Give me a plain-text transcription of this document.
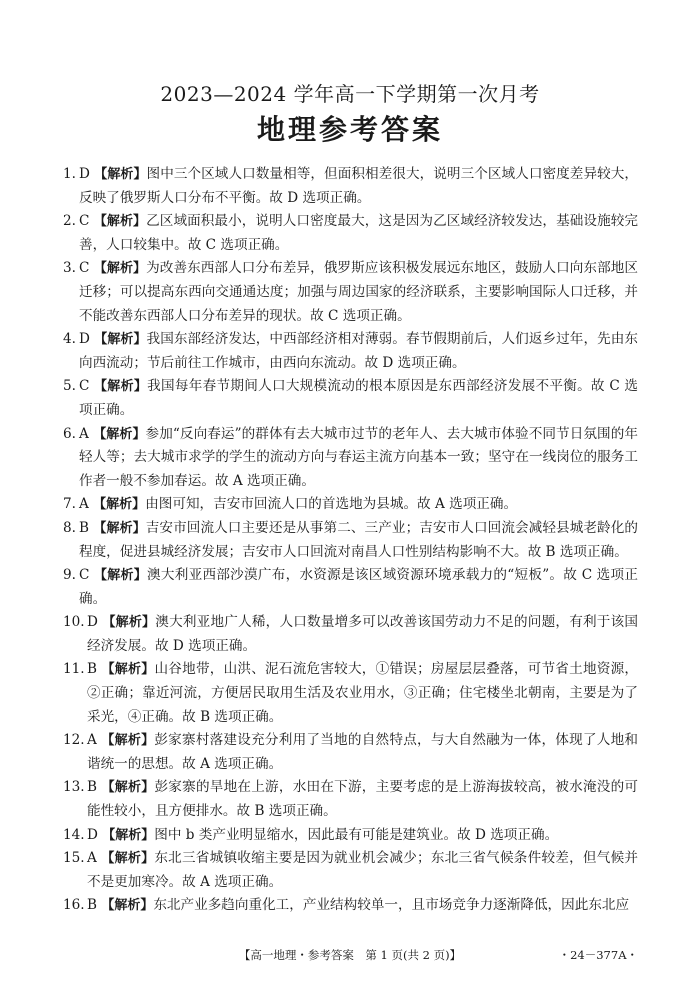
2023—2024 学年高一下学期第一次月考
地理参考答案
1. D 【解析】图中三个区域人口数量相等，但面积相差很大，说明三个区域人口密度差异较大，反映了俄罗斯人口分布不平衡。故 D 选项正确。
2. C 【解析】乙区域面积最小，说明人口密度最大，这是因为乙区域经济较发达，基础设施较完善，人口较集中。故 C 选项正确。
3. C 【解析】为改善东西部人口分布差异，俄罗斯应该积极发展远东地区，鼓励人口向东部地区迁移；可以提高东西向交通通达度；加强与周边国家的经济联系，主要影响国际人口迁移，并不能改善东西部人口分布差异的现状。故 C 选项正确。
4. D 【解析】我国东部经济发达，中西部经济相对薄弱。春节假期前后，人们返乡过年，先由东向西流动；节后前往工作城市，由西向东流动。故 D 选项正确。
5. C 【解析】我国每年春节期间人口大规模流动的根本原因是东西部经济发展不平衡。故 C 选项正确。
6. A 【解析】参加“反向春运”的群体有去大城市过节的老年人、去大城市体验不同节日氛围的年轻人等；去大城市求学的学生的流动方向与春运主流方向基本一致；坚守在一线岗位的服务工作者一般不参加春运。故 A 选项正确。
7. A 【解析】由图可知，吉安市回流人口的首选地为县城。故 A 选项正确。
8. B 【解析】吉安市回流人口主要还是从事第二、三产业；吉安市人口回流会减轻县城老龄化的程度，促进县城经济发展；吉安市人口回流对南昌人口性别结构影响不大。故 B 选项正确。
9. C 【解析】澳大利亚西部沙漠广布，水资源是该区域资源环境承载力的“短板”。故 C 选项正确。
10. D 【解析】澳大利亚地广人稀，人口数量增多可以改善该国劳动力不足的问题，有利于该国经济发展。故 D 选项正确。
11. B 【解析】山谷地带，山洪、泥石流危害较大，①错误；房屋层层叠落，可节省土地资源，②正确；靠近河流，方便居民取用生活及农业用水，③正确；住宅楼坐北朝南，主要是为了采光，④正确。故 B 选项正确。
12. A 【解析】彭家寨村落建设充分利用了当地的自然特点，与大自然融为一体，体现了人地和谐统一的思想。故 A 选项正确。
13. B 【解析】彭家寨的旱地在上游，水田在下游，主要考虑的是上游海拔较高，被水淹没的可能性较小，且方便排水。故 B 选项正确。
14. D 【解析】图中 b 类产业明显缩水，因此最有可能是建筑业。故 D 选项正确。
15. A 【解析】东北三省城镇收缩主要是因为就业机会减少；东北三省气候条件较差，但气候并不是更加寒冷。故 A 选项正确。
16. B 【解析】东北产业多趋向重化工，产业结构较单一，且市场竞争力逐渐降低，因此东北应
【高一地理・参考答案　第 1 页(共 2 页)】	・24－377A・
